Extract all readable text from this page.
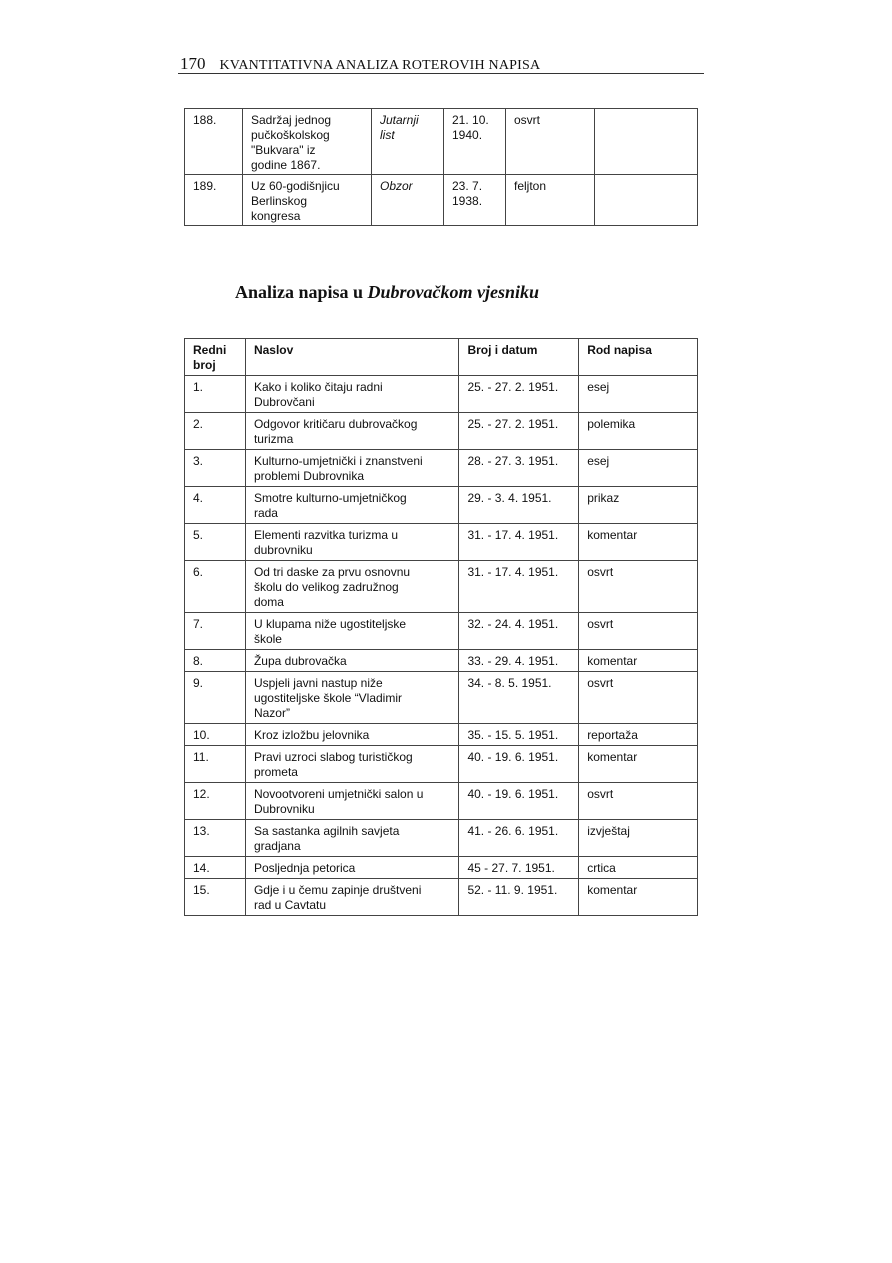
170 KVANTITATIVNA ANALIZA ROTEROVIH NAPISA
188.	Sadržaj jednog
pučkoškolskog
"Bukvara" iz
godine 1867.	Jutarnji
list	21. 10.
1940.	osvrt	
189.	Uz 60-godišnjicu
Berlinskog
kongresa	Obzor	23. 7.
1938.	feljton	
Analiza napisa u Dubrovačkom vjesniku
Redni
broj	Naslov	Broj i datum	Rod napisa
1.	Kako i koliko čitaju radni
Dubrovčani	25. - 27. 2. 1951.	esej
2.	Odgovor kritičaru dubrovačkog
turizma	25. - 27. 2. 1951.	polemika
3.	Kulturno-umjetnički i znanstveni
problemi Dubrovnika	28. - 27. 3. 1951.	esej
4.	Smotre kulturno-umjetničkog
rada	29. - 3. 4. 1951.	prikaz
5.	Elementi razvitka turizma u
dubrovniku	31. - 17. 4. 1951.	komentar
6.	Od tri daske za prvu osnovnu
školu do velikog zadružnog
doma	31. - 17. 4. 1951.	osvrt
7.	U klupama niže ugostiteljske
škole	32. - 24. 4. 1951.	osvrt
8.	Župa dubrovačka	33. - 29. 4. 1951.	komentar
9.	Uspjeli javni nastup niže
ugostiteljske škole “Vladimir
Nazor”	34. - 8. 5. 1951.	osvrt
10.	Kroz izložbu jelovnika	35. - 15. 5. 1951.	reportaža
11.	Pravi uzroci slabog turističkog
prometa	40. - 19. 6. 1951.	komentar
12.	Novootvoreni umjetnički salon u
Dubrovniku	40. - 19. 6. 1951.	osvrt
13.	Sa sastanka agilnih savjeta
gradjana	41. - 26. 6. 1951.	izvještaj
14.	Posljednja petorica	45 - 27. 7. 1951.	crtica
15.	Gdje i u čemu zapinje društveni
rad u Cavtatu	52. - 11. 9. 1951.	komentar
